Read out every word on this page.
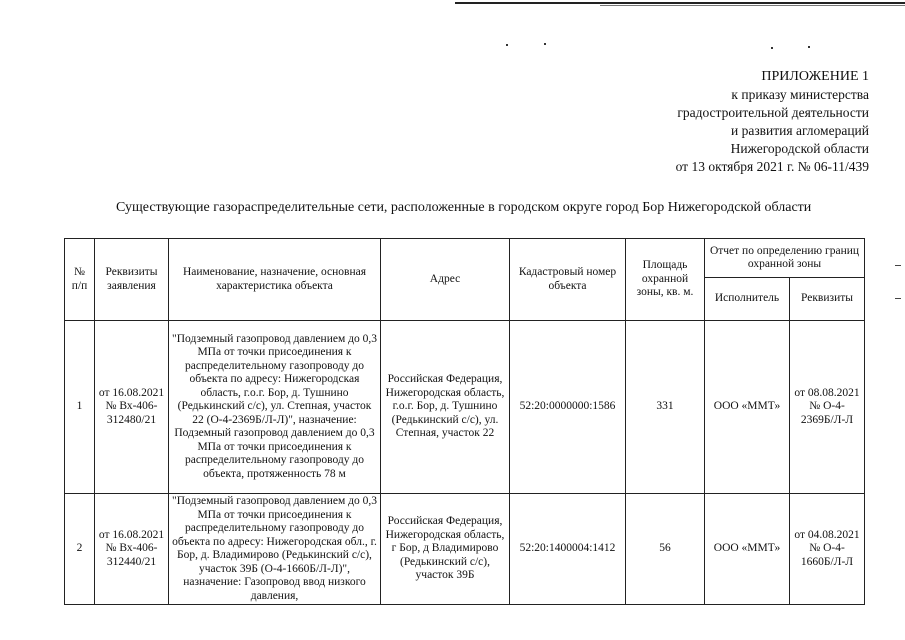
ПРИЛОЖЕНИЕ 1
к приказу министерства
градостроительной деятельности
и развития агломераций
Нижегородской области
от 13 октября 2021 г. № 06-11/439
Существующие газораспределительные сети, расположенные в городском округе город Бор Нижегородской области
№ п/п	Реквизиты заявления	Наименование, назначение, основная характеристика объекта	Адрес	Кадастровый номер объекта	Площадь охранной зоны, кв. м.	Отчет по определению границ охранной зоны	
						Исполнитель	Реквизиты
1	от 16.08.2021 № Вх-406-312480/21	"Подземный газопровод давлением до 0,3 МПа от точки присоединения к распределительному газопроводу до объекта по адресу: Нижегородская область, г.о.г. Бор, д. Тушнино (Редькинский с/с), ул. Степная, участок 22 (О-4-2369Б/Л-Л)", назначение: Подземный газопровод давлением до 0,3 МПа от точки присоединения к распределительному газопроводу до объекта, протяженность 78 м	Российская Федерация, Нижегородская область, г.о.г. Бор, д. Тушнино (Редькинский с/с), ул. Степная, участок 22	52:20:0000000:1586	331	ООО «ММТ»	от 08.08.2021 № О-4-2369Б/Л-Л
2	от 16.08.2021 № Вх-406-312440/21	"Подземный газопровод давлением до 0,3 МПа от точки присоединения к распределительному газопроводу до объекта по адресу: Нижегородская обл., г. Бор, д. Владимирово (Редькинский с/с), участок 39Б (О-4-1660Б/Л-Л)", назначение: Газопровод ввод низкого давления,	Российская Федерация, Нижегородская область, г Бор, д Владимирово (Редькинский с/с), участок 39Б	52:20:1400004:1412	56	ООО «ММТ»	от 04.08.2021 № О-4-1660Б/Л-Л
